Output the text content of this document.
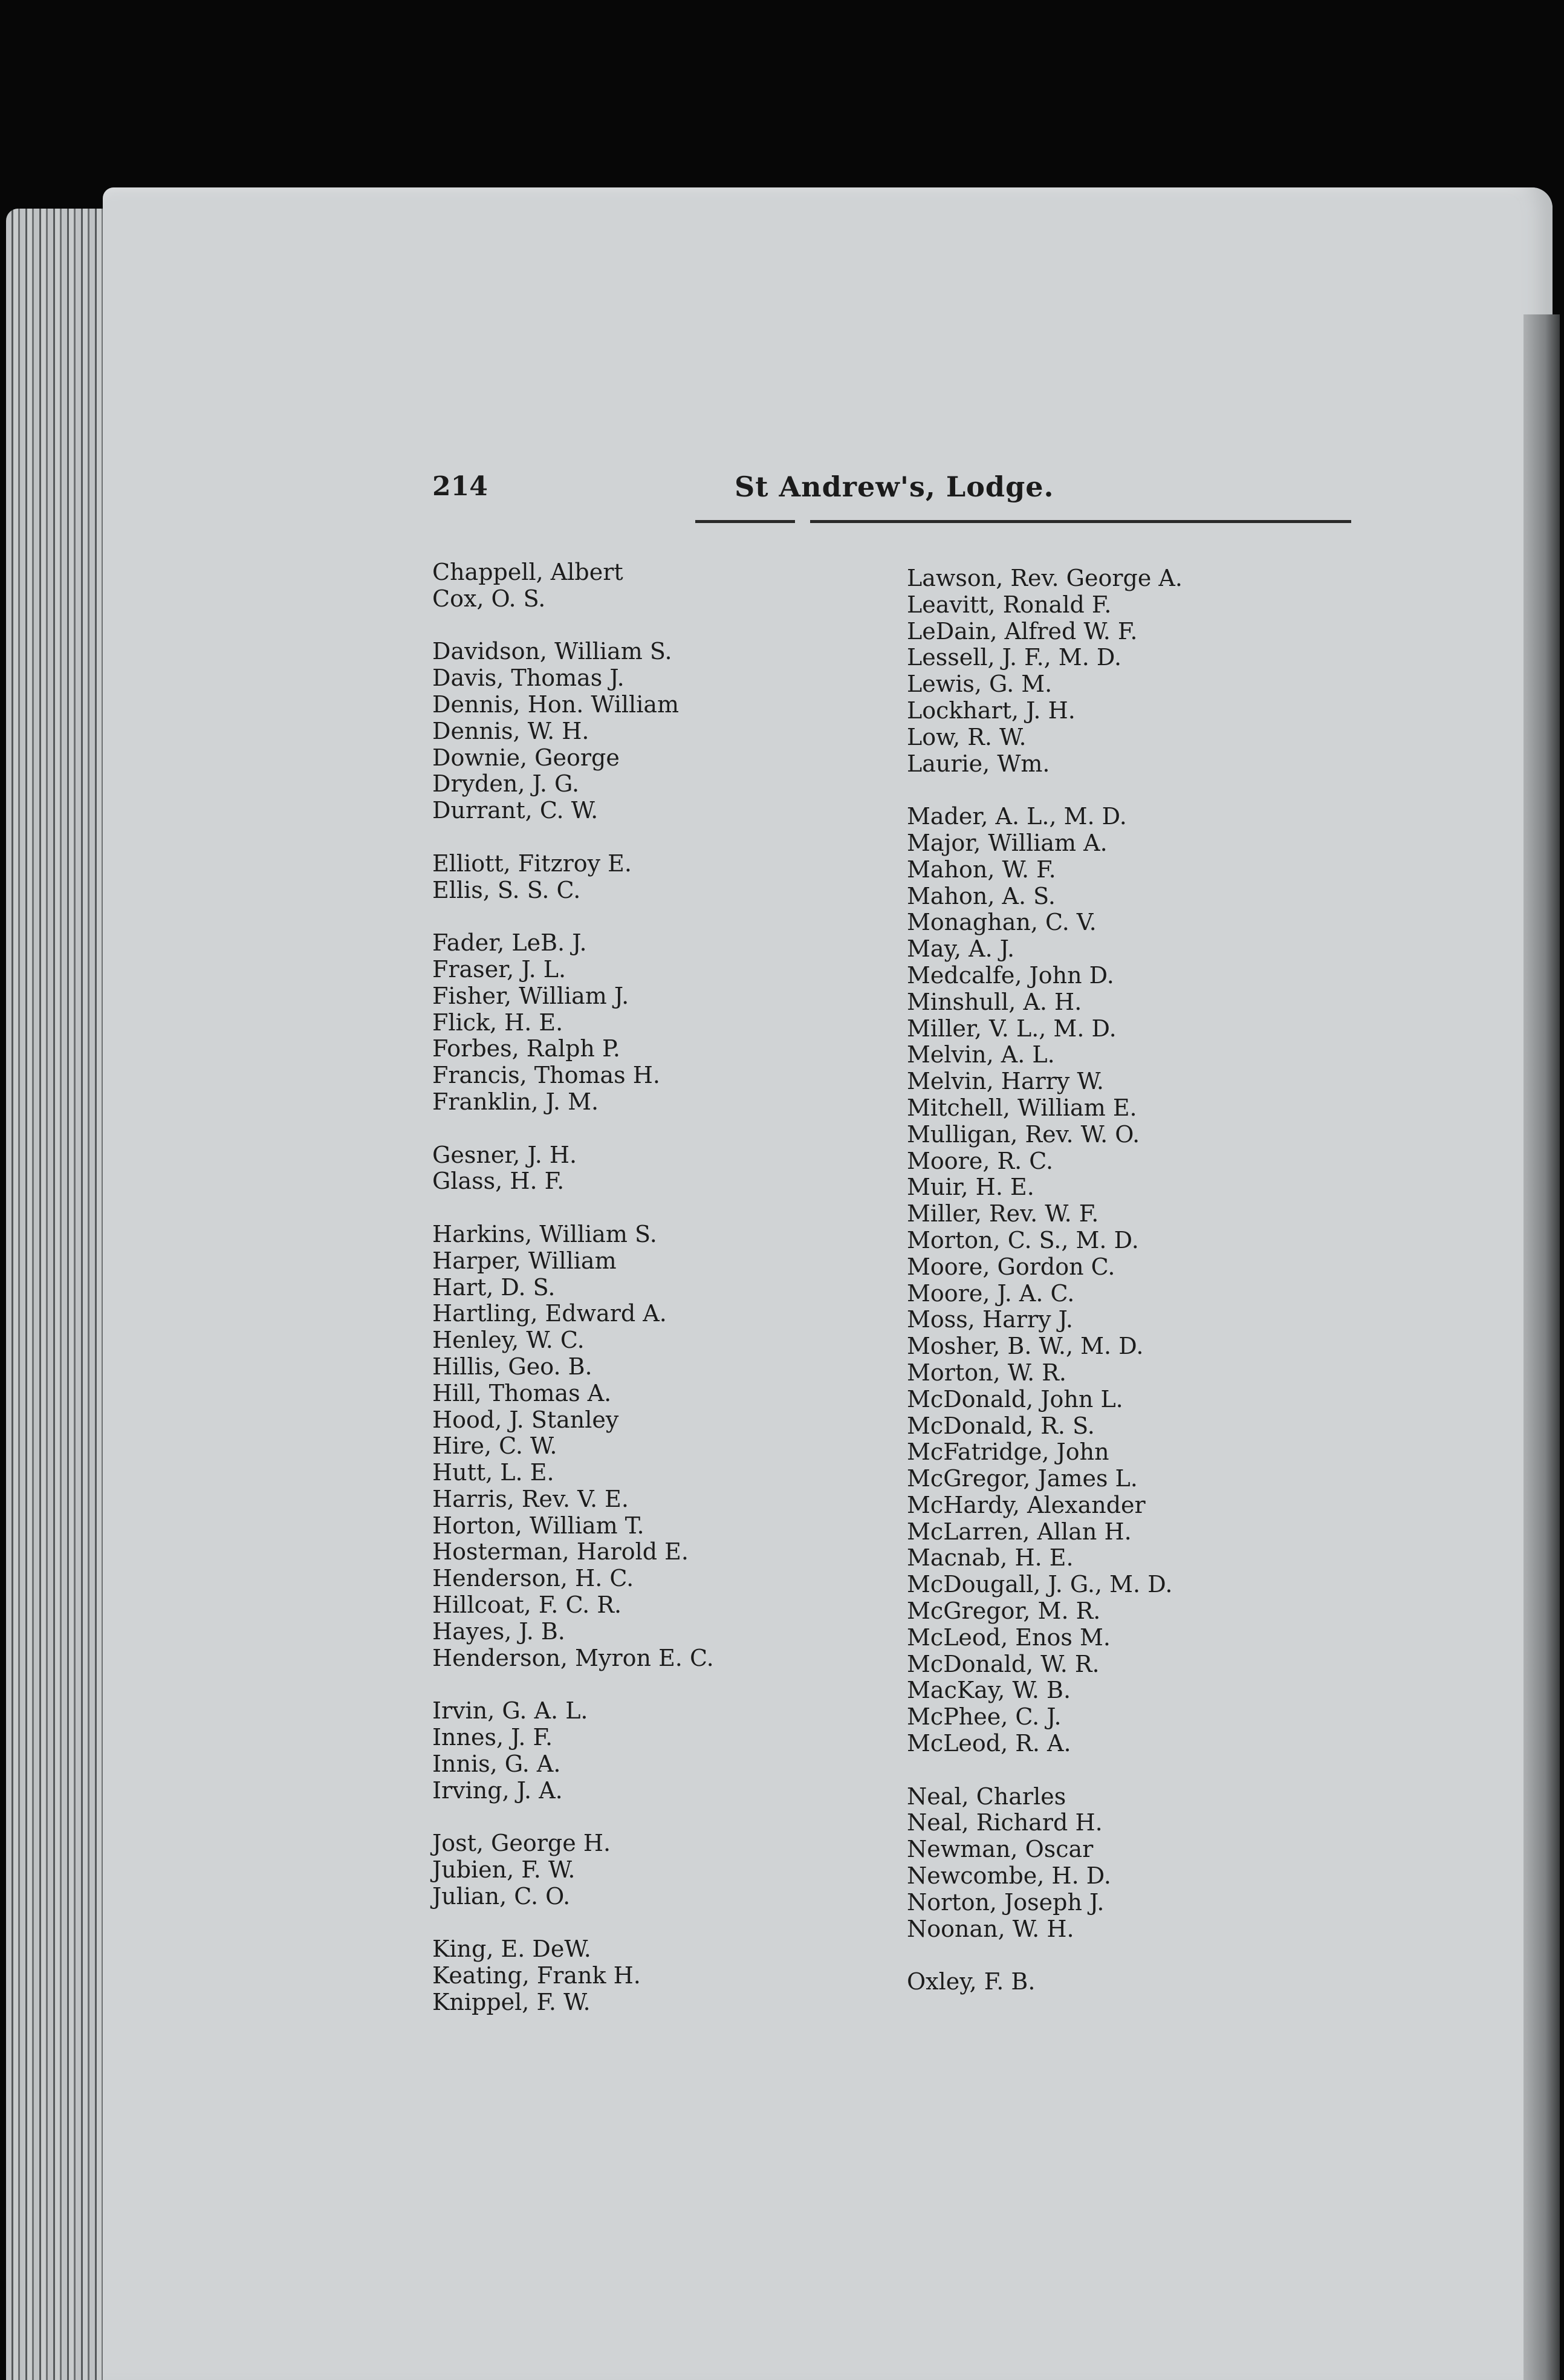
214	St Andrew's, Lodge.
Chappell, Albert
Cox, O. S.
Davidson, William S.
Davis, Thomas J.
Dennis, Hon. William
Dennis, W. H.
Downie, George
Dryden, J. G.
Durrant, C. W.
Elliott, Fitzroy E.
Ellis, S. S. C.
Fader, LeB. J.
Fraser, J. L.
Fisher, William J.
Flick, H. E.
Forbes, Ralph P.
Francis, Thomas H.
Franklin, J. M.
Gesner, J. H.
Glass, H. F.
Harkins, William S.
Harper, William
Hart, D. S.
Hartling, Edward A.
Henley, W. C.
Hillis, Geo. B.
Hill, Thomas A.
Hood, J. Stanley
Hire, C. W.
Hutt, L. E.
Harris, Rev. V. E.
Horton, William T.
Hosterman, Harold E.
Henderson, H. C.
Hillcoat, F. C. R.
Hayes, J. B.
Henderson, Myron E. C.
Irvin, G. A. L.
Innes, J. F.
Innis, G. A.
Irving, J. A.
Jost, George H.
Jubien, F. W.
Julian, C. O.
King, E. DeW.
Keating, Frank H.
Knippel, F. W.
Lawson, Rev. George A.
Leavitt, Ronald F.
LeDain, Alfred W. F.
Lessell, J. F., M. D.
Lewis, G. M.
Lockhart, J. H.
Low, R. W.
Laurie, Wm.
Mader, A. L., M. D.
Major, William A.
Mahon, W. F.
Mahon, A. S.
Monaghan, C. V.
May, A. J.
Medcalfe, John D.
Minshull, A. H.
Miller, V. L., M. D.
Melvin, A. L.
Melvin, Harry W.
Mitchell, William E.
Mulligan, Rev. W. O.
Moore, R. C.
Muir, H. E.
Miller, Rev. W. F.
Morton, C. S., M. D.
Moore, Gordon C.
Moore, J. A. C.
Moss, Harry J.
Mosher, B. W., M. D.
Morton, W. R.
McDonald, John L.
McDonald, R. S.
McFatridge, John
McGregor, James L.
McHardy, Alexander
McLarren, Allan H.
Macnab, H. E.
McDougall, J. G., M. D.
McGregor, M. R.
McLeod, Enos M.
McDonald, W. R.
MacKay, W. B.
McPhee, C. J.
McLeod, R. A.
Neal, Charles
Neal, Richard H.
Newman, Oscar
Newcombe, H. D.
Norton, Joseph J.
Noonan, W. H.
Oxley, F. B.
